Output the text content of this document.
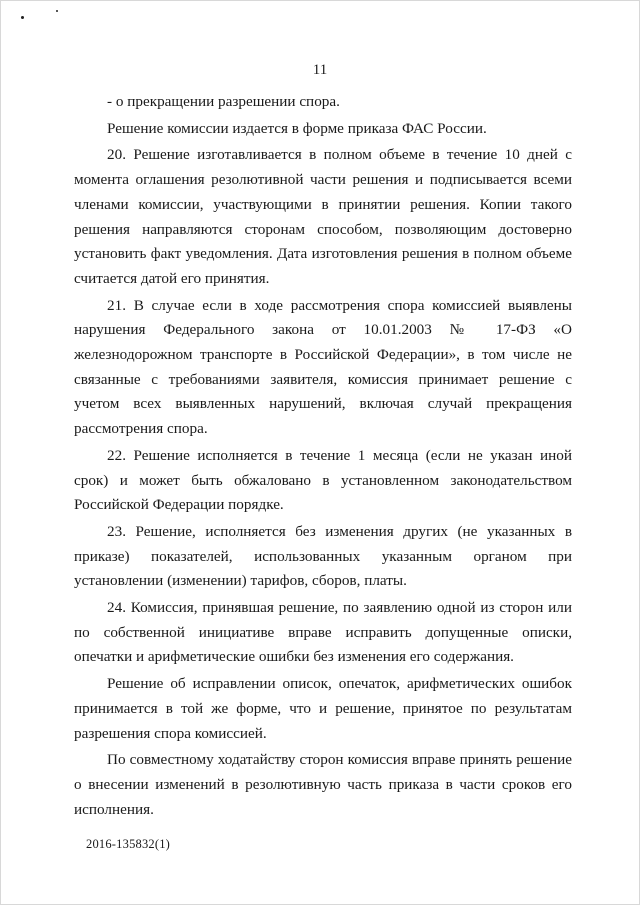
11

- о прекращении разрешении спора.

Решение комиссии издается в форме приказа ФАС России.

20. Решение изготавливается в полном объеме в течение 10 дней с момента оглашения резолютивной части решения и подписывается всеми членами комиссии, участвующими в принятии решения. Копии такого решения направляются сторонам способом, позволяющим достоверно установить факт уведомления. Дата изготовления решения в полном объеме считается датой его принятия.

21. В случае если в ходе рассмотрения спора комиссией выявлены нарушения Федерального закона от 10.01.2003 № 17-ФЗ «О железнодорожном транспорте в Российской Федерации», в том числе не связанные с требованиями заявителя, комиссия принимает решение с учетом всех выявленных нарушений, включая случай прекращения рассмотрения спора.

22. Решение исполняется в течение 1 месяца (если не указан иной срок) и может быть обжаловано в установленном законодательством Российской Федерации порядке.

23. Решение, исполняется без изменения других (не указанных в приказе) показателей, использованных указанным органом при установлении (изменении) тарифов, сборов, платы.

24. Комиссия, принявшая решение, по заявлению одной из сторон или по собственной инициативе вправе исправить допущенные описки, опечатки и арифметические ошибки без изменения его содержания.

Решение об исправлении описок, опечаток, арифметических ошибок принимается в той же форме, что и решение, принятое по результатам разрешения спора комиссией.

По совместному ходатайству сторон комиссия вправе принять решение о внесении изменений в резолютивную часть приказа в части сроков его исполнения.

2016-135832(1)
